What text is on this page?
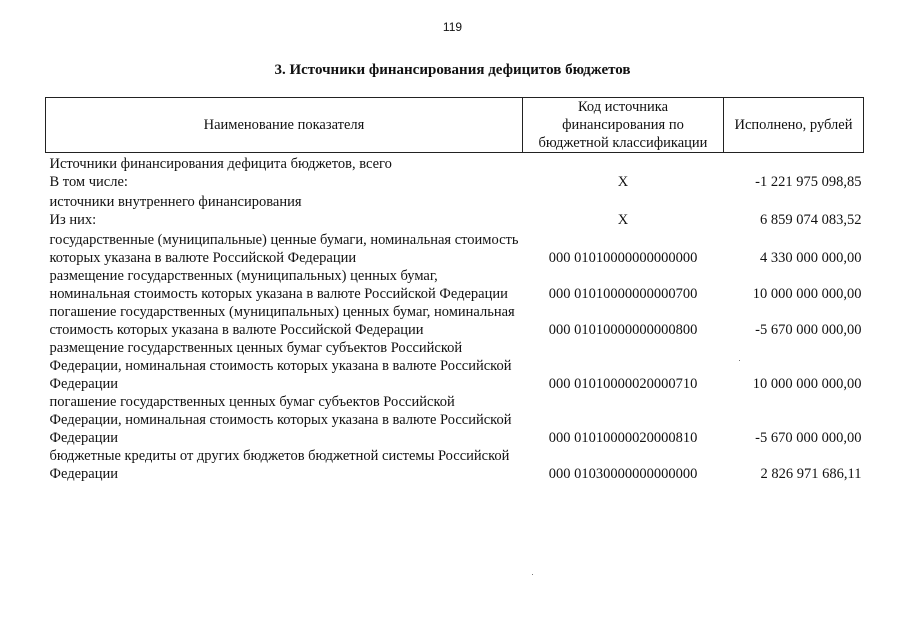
119
3. Источники финансирования дефицитов бюджетов
Наименование показателя	Код источника финансирования по бюджетной классификации	Исполнено, рублей

Источники финансирования дефицита бюджетов, всего
В том числе:	X	-1 221 975 098,85

источники внутреннего финансирования
Из них:	X	6 859 074 083,52

государственные (муниципальные) ценные бумаги, номинальная стоимость которых указана в валюте Российской Федерации	000 01010000000000000	4 330 000 000,00
размещение государственных (муниципальных) ценных бумаг, номинальная стоимость которых указана в валюте Российской Федерации	000 01010000000000700	10 000 000 000,00
погашение государственных (муниципальных) ценных бумаг, номинальная стоимость которых указана в валюте Российской Федерации	000 01010000000000800	-5 670 000 000,00
размещение государственных ценных бумаг субъектов Российской Федерации, номинальная стоимость которых указана в валюте Российской Федерации	000 01010000020000710	10 000 000 000,00
погашение государственных ценных бумаг субъектов Российской Федерации, номинальная стоимость которых указана в валюте Российской Федерации	000 01010000020000810	-5 670 000 000,00
бюджетные кредиты от других бюджетов бюджетной системы Российской Федерации	000 01030000000000000	2 826 971 686,11
